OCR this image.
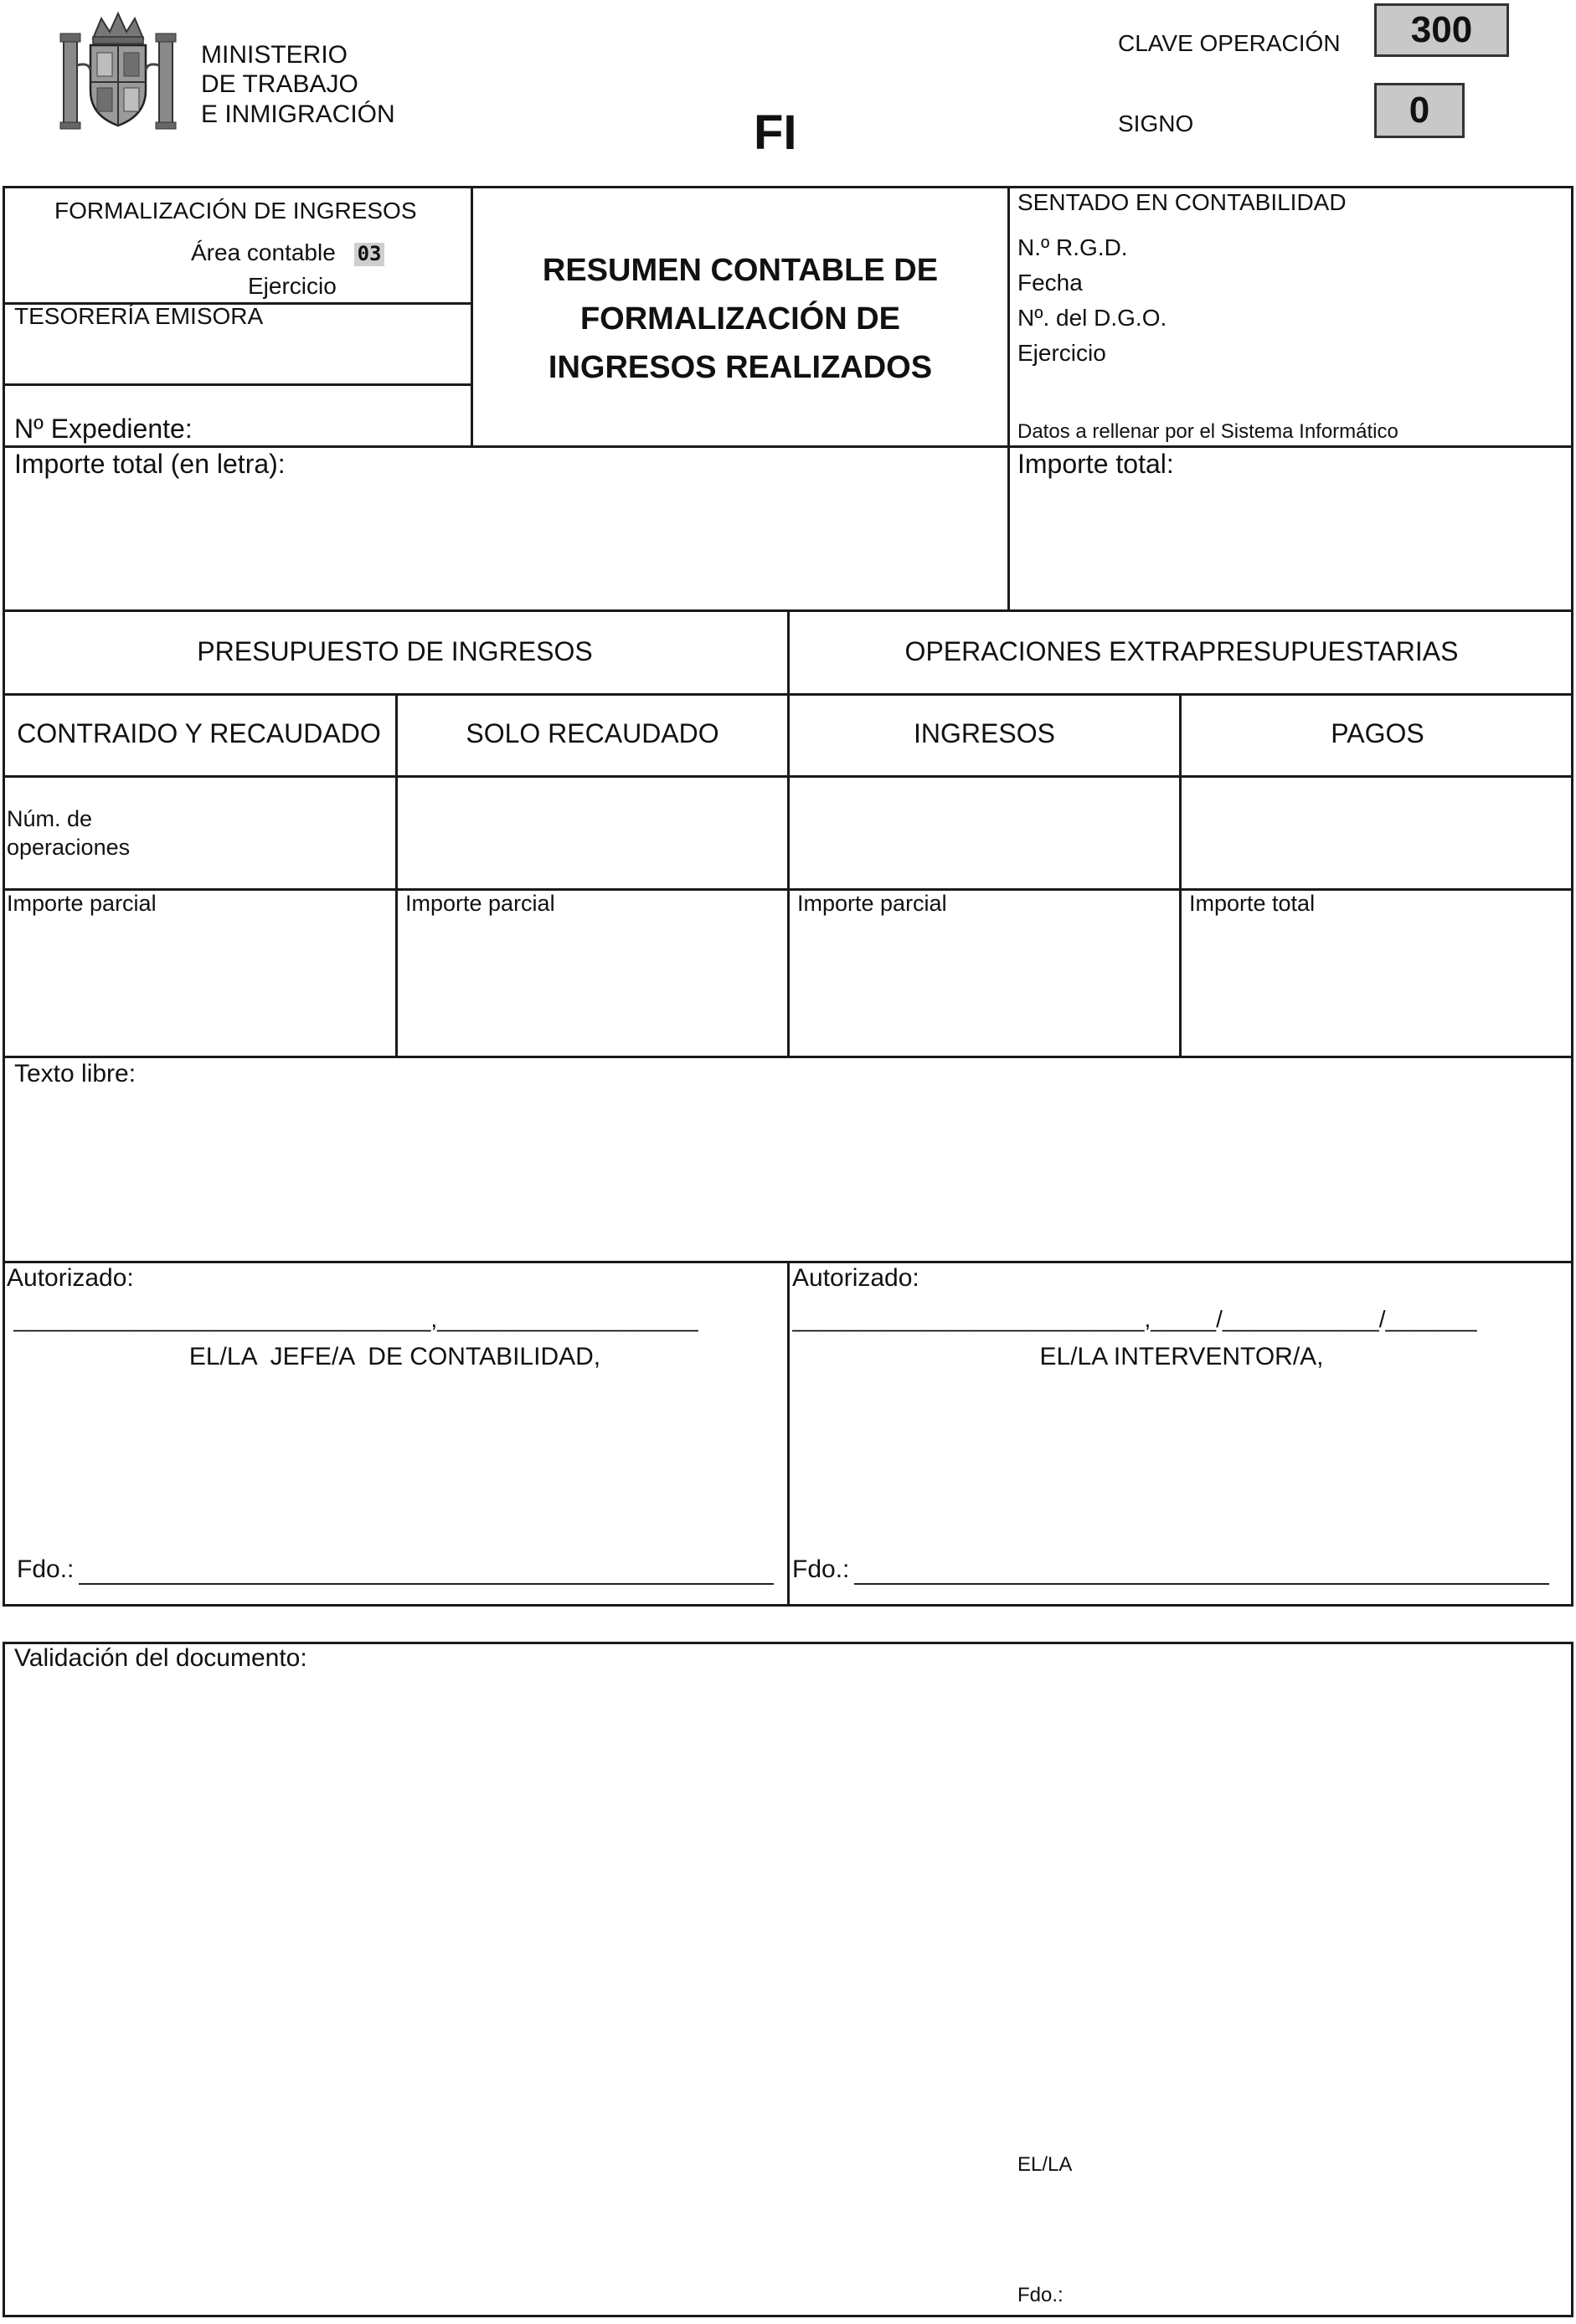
MINISTERIO
DE TRABAJO
E INMIGRACIÓN	FI
CLAVE OPERACIÓN	300
SIGNO	0
FORMALIZACIÓN DE INGRESOS
Área contable 03
Ejercicio
TESORERÍA EMISORA
Nº Expediente:
RESUMEN CONTABLE DE
FORMALIZACIÓN DE
INGRESOS REALIZADOS
SENTADO EN CONTABILIDAD
N.º R.G.D.
Fecha
Nº. del D.G.O.
Ejercicio
Datos a rellenar por el Sistema Informático
Importe total (en letra):	Importe total:
PRESUPUESTO DE INGRESOS	OPERACIONES EXTRAPRESUPUESTARIAS
CONTRAIDO Y RECAUDADO	SOLO RECAUDADO	INGRESOS	PAGOS
Núm. de
operaciones
Importe parcial	Importe parcial	Importe parcial	Importe total
Texto libre:
Autorizado:	Autorizado:
________________________________,____________________	___________________________,_____/____________/_______
EL/LA  JEFE/A  DE CONTABILIDAD,	EL/LA INTERVENTOR/A,
Fdo.:	Fdo.:
Validación del documento:
EL/LA
Fdo.:
